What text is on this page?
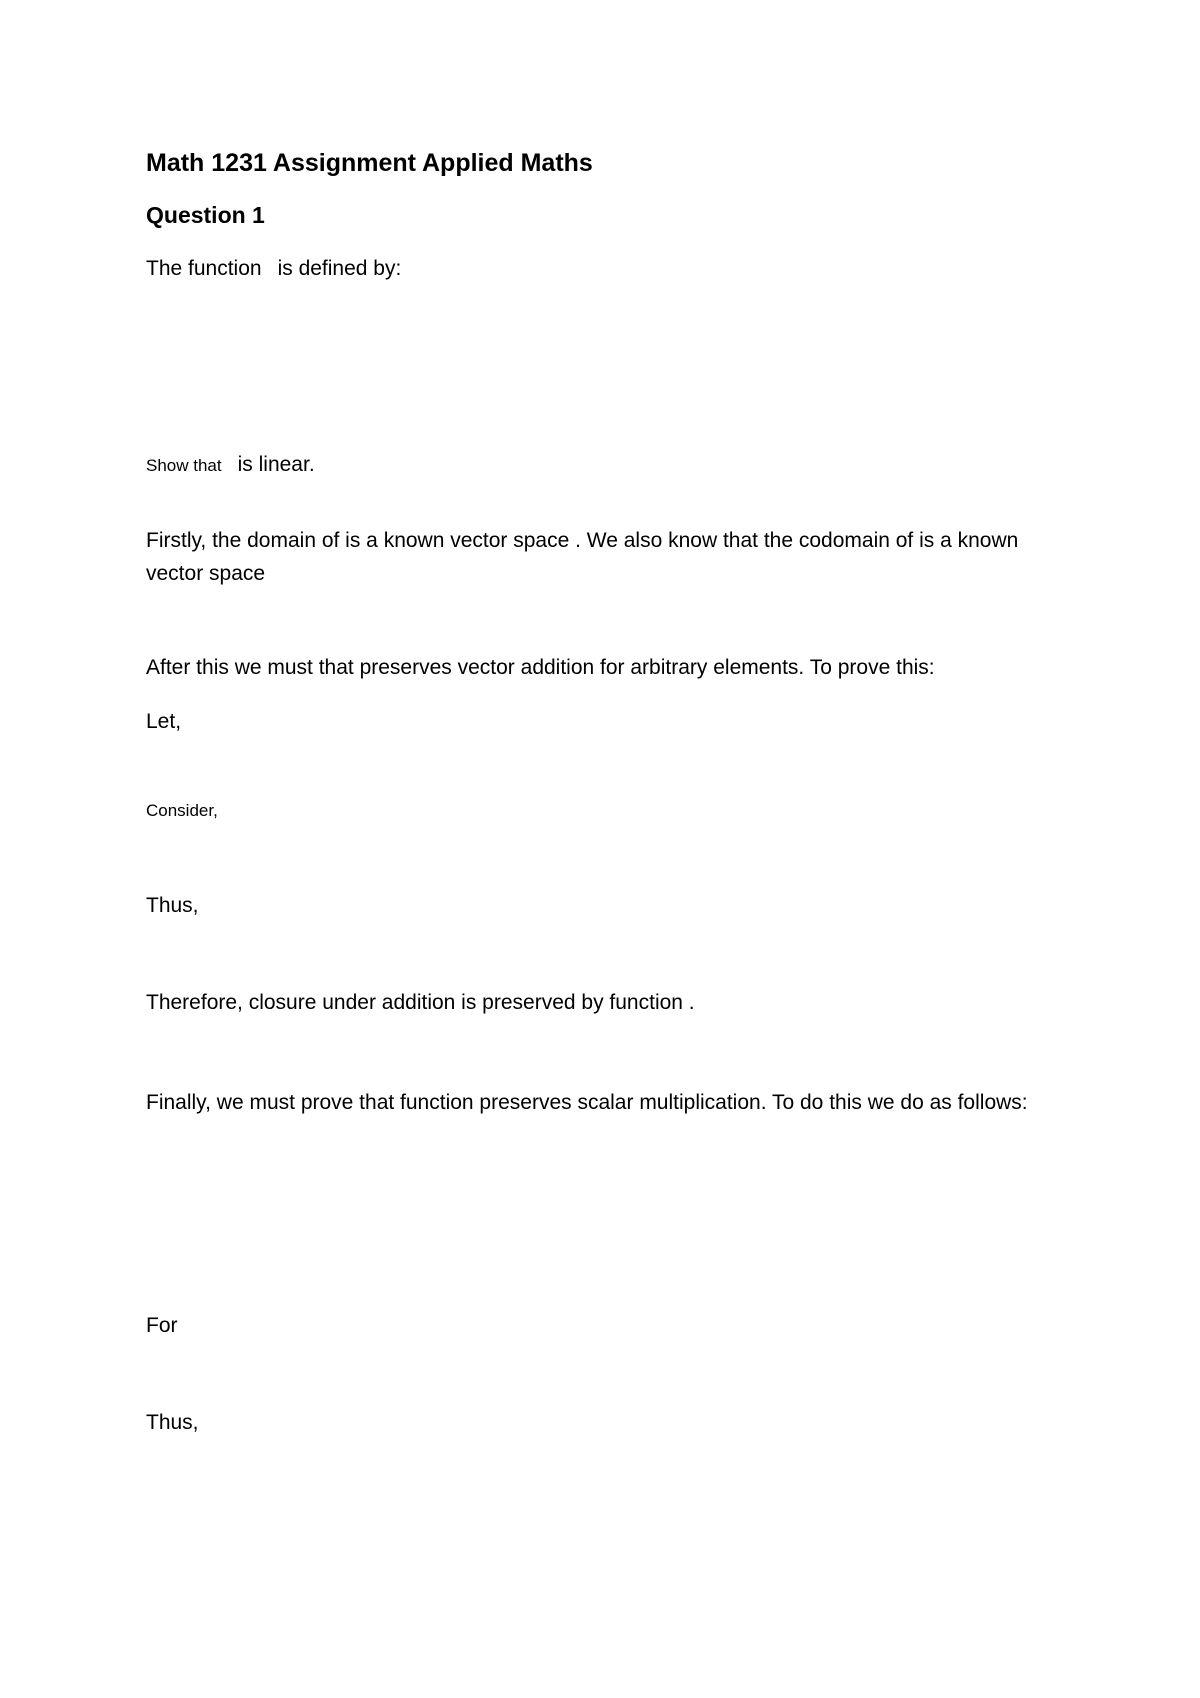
Math 1231 Assignment Applied Maths

Question 1

The function is defined by:

Show that is linear.

Firstly, the domain of is a known vector space . We also know that the codomain of is a known vector space

After this we must that preserves vector addition for arbitrary elements. To prove this:

Let,

Consider,

Thus,

Therefore, closure under addition is preserved by function .

Finally, we must prove that function preserves scalar multiplication. To do this we do as follows:

For

Thus,
